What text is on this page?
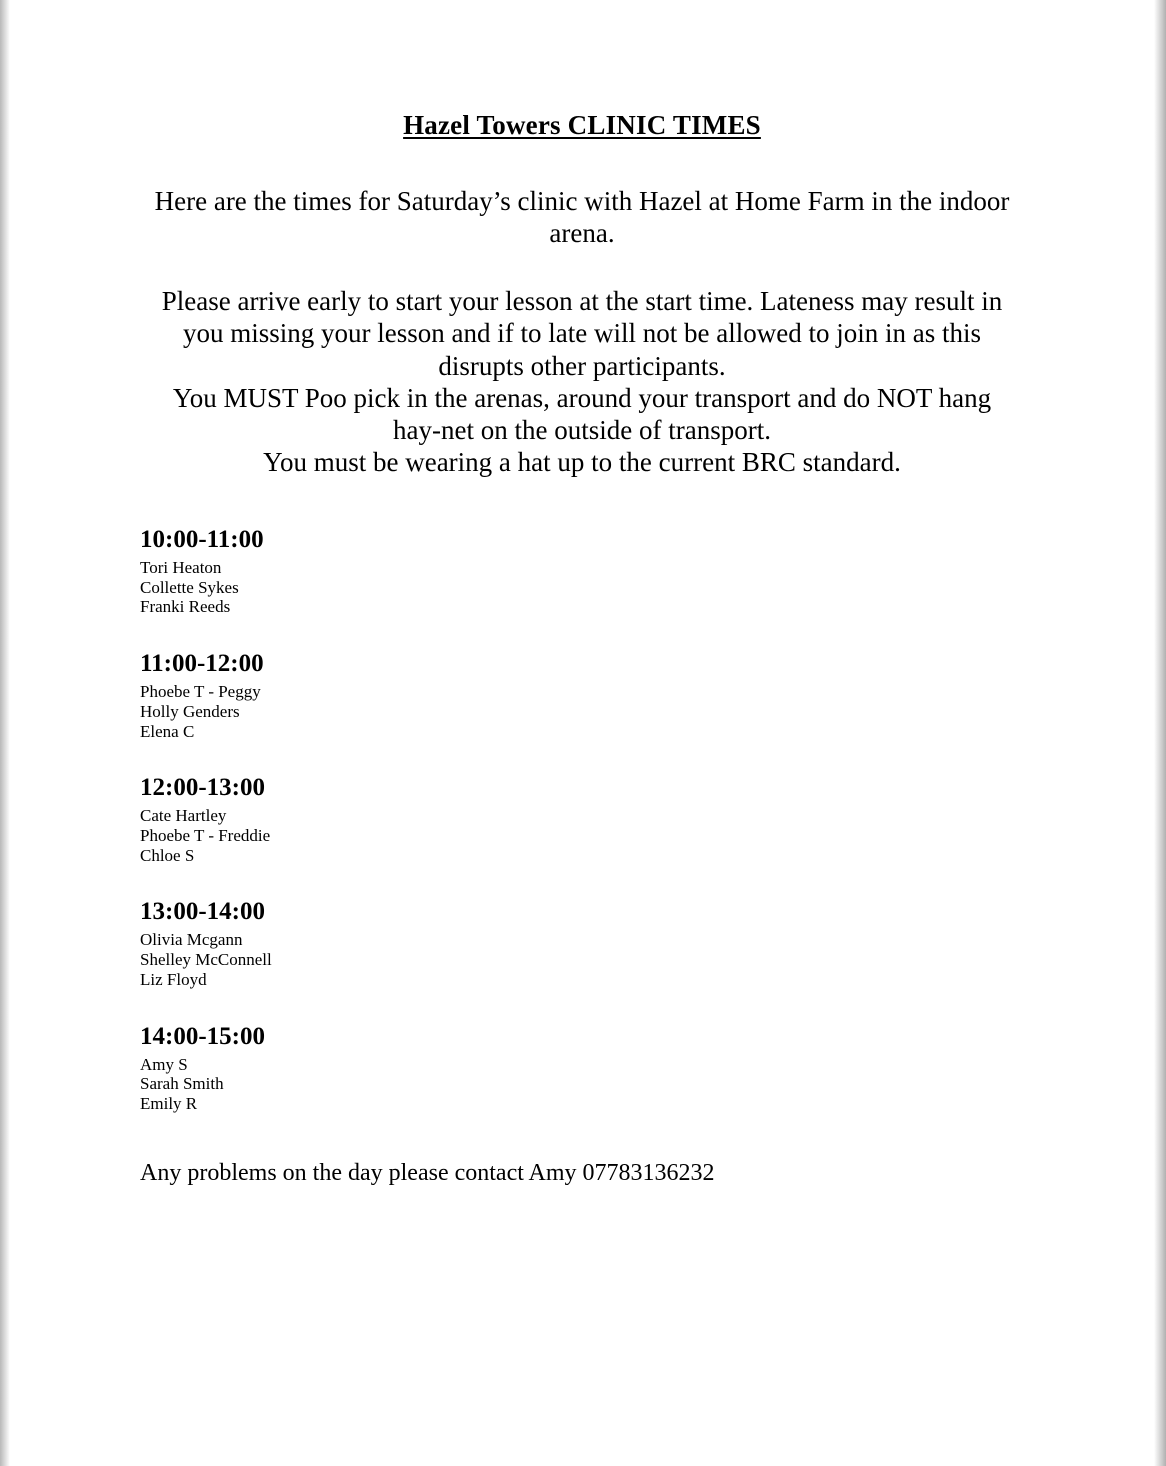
Hazel Towers CLINIC TIMES
Here are the times for Saturday’s clinic with Hazel at Home Farm in the indoor
arena.
Please arrive early to start your lesson at the start time. Lateness may result in
you missing your lesson and if to late will not be allowed to join in as this
disrupts other participants.
You MUST Poo pick in the arenas, around your transport and do NOT hang
hay-net on the outside of transport.
You must be wearing a hat up to the current BRC standard.
10:00-11:00
Tori Heaton
Collette Sykes
Franki Reeds
11:00-12:00
Phoebe T - Peggy
Holly Genders
Elena C
12:00-13:00
Cate Hartley
Phoebe T - Freddie
Chloe S
13:00-14:00
Olivia Mcgann
Shelley McConnell
Liz Floyd
14:00-15:00
Amy S
Sarah Smith
Emily R
Any problems on the day please contact Amy 07783136232
